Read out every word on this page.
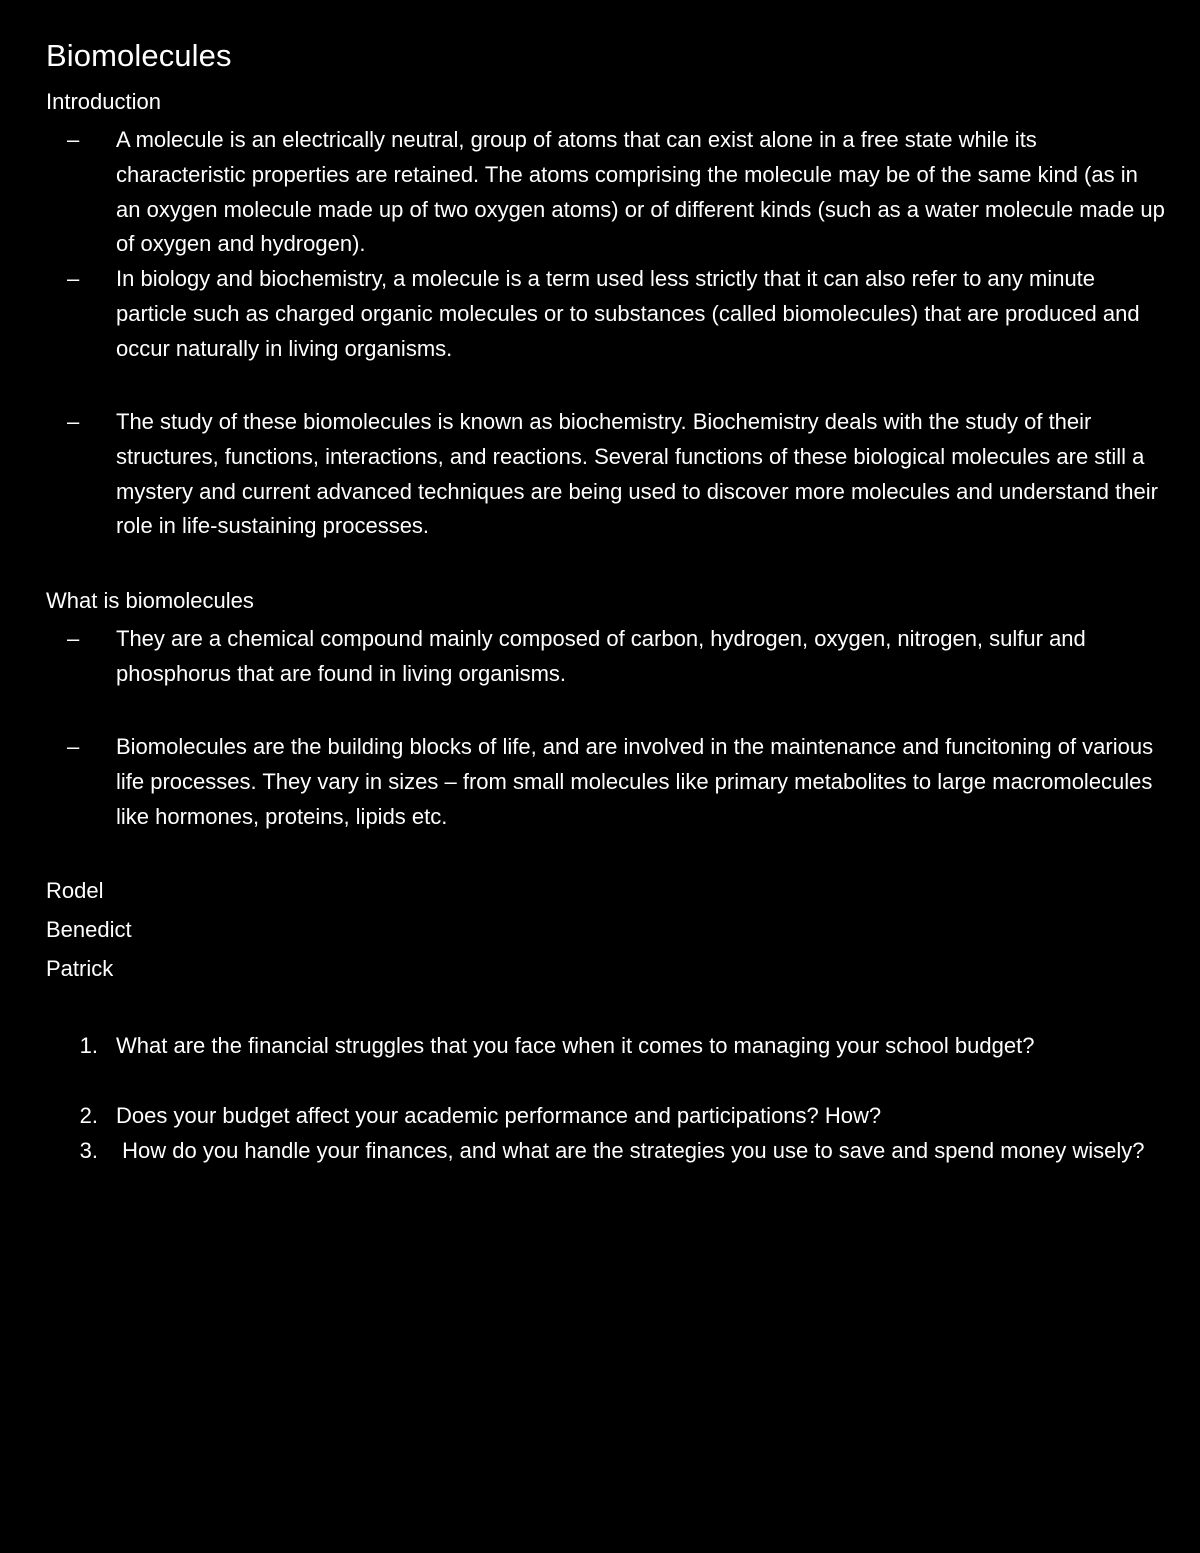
Biomolecules
Introduction
– A molecule is an electrically neutral, group of atoms that can exist alone in a free state while its characteristic properties are retained. The atoms comprising the molecule may be of the same kind (as in an oxygen molecule made up of two oxygen atoms) or of different kinds (such as a water molecule made up of oxygen and hydrogen).
– In biology and biochemistry, a molecule is a term used less strictly that it can also refer to any minute particle such as charged organic molecules or to substances (called biomolecules) that are produced and occur naturally in living organisms.
– The study of these biomolecules is known as biochemistry. Biochemistry deals with the study of their structures, functions, interactions, and reactions. Several functions of these biological molecules are still a mystery and current advanced techniques are being used to discover more molecules and understand their role in life-sustaining processes.
What is biomolecules
– They are a chemical compound mainly composed of carbon, hydrogen, oxygen, nitrogen, sulfur and phosphorus that are found in living organisms.
– Biomolecules are the building blocks of life, and are involved in the maintenance and funcitoning of various life processes. They vary in sizes – from small molecules like primary metabolites to large macromolecules like hormones, proteins, lipids etc.
Rodel
Benedict
Patrick
1. What are the financial struggles that you face when it comes to managing your school budget?
2. Does your budget affect your academic performance and participations? How?
3. How do you handle your finances, and what are the strategies you use to save and spend money wisely?
